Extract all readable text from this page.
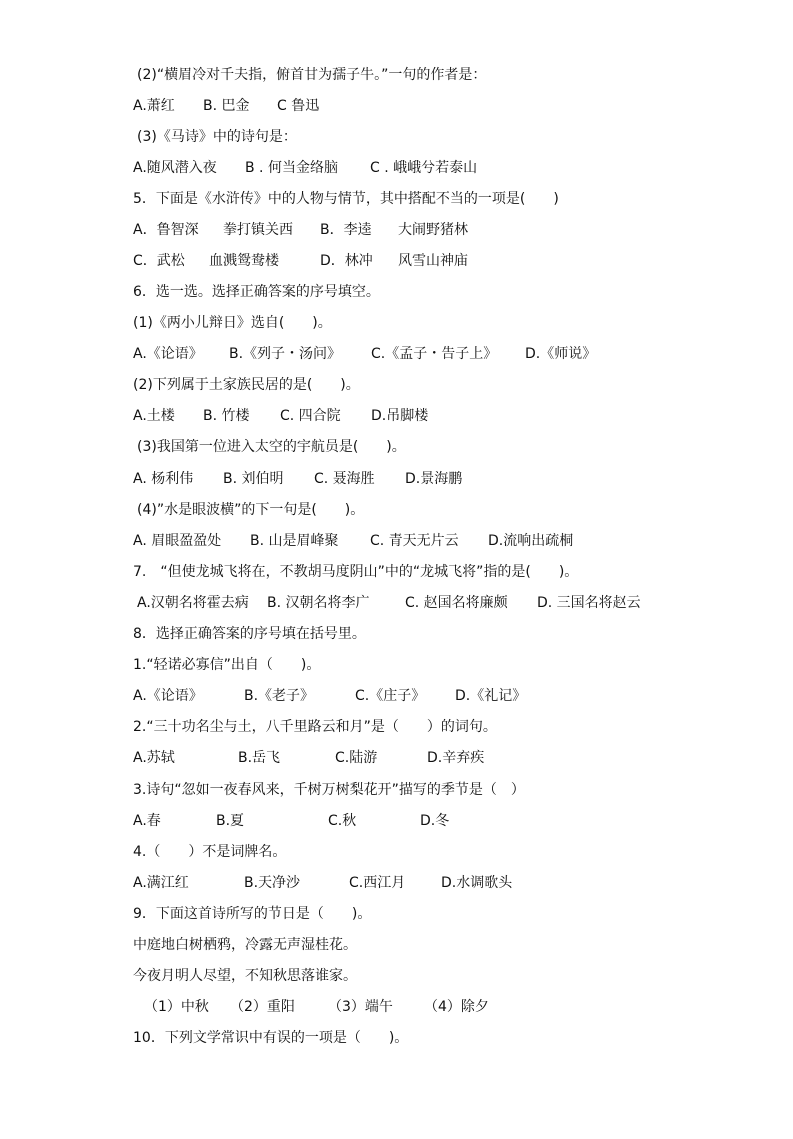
(2)“横眉冷对千夫指，俯首甘为孺子牛。”一句的作者是：

A.萧红

B. 巴金

C 鲁迅

(3)《马诗》中的诗句是：

A.随风潜入夜

B . 何当金络脑

C . 峨峨兮若泰山

5．下面是《水浒传》中的人物与情节，其中搭配不当的一项是(　　)

A．鲁智深

拳打镇关西

B．李逵

大闹野猪林

C．武松

血溅鸳鸯楼

	D．林冲

风雪山神庙

6．选一选。选择正确答案的序号填空。

(1)《两小儿辩日》选自(　　)。

A.《论语》

B.《列子・汤问》

C.《孟子・告子上》

D.《师说》

(2)下列属于土家族民居的是(　　)。

A.土楼

B. 竹楼

C. 四合院

D.吊脚楼

(3)我国第一位进入太空的宇航员是(　　)。

A. 杨利伟

B. 刘伯明

C. 聂海胜

D.景海鹏

(4)”水是眼波横”的下一句是(　　)。

A. 眉眼盈盈处

B. 山是眉峰聚

C. 青天无片云

D.流响出疏桐

7.　“但使龙城飞将在，不教胡马度阴山”中的“龙城飞将”指的是(　　)。

A.汉朝名将霍去病

B. 汉朝名将李广

	C. 赵国名将廉颇

D. 三国名将赵云

8．选择正确答案的序号填在括号里。

1.“轻诺必寡信”出自（　　)。

A.《论语》

	B.《老子》

	C.《庄子》

D.《礼记》

2.“三十功名尘与土，八千里路云和月”是（　　）的词句。

A.苏轼

	B.岳飞

	C.陆游

	D.辛弃疾

3.诗句“忽如一夜春风来，千树万树梨花开”描写的季节是（　）

A.春

	B.夏

	C.秋

	D.冬

4.（　　）不是词牌名。

A.满江红

	B.天净沙

	C.西江月

	D.水调歌头

9．下面这首诗所写的节日是（　　)。

中庭地白树栖鸦，冷露无声湿桂花。

今夜月明人尽望，不知秋思落谁家。

（1）中秋

（2）重阳

（3）端午

（4）除夕

10．下列文学常识中有误的一项是（　　)。
